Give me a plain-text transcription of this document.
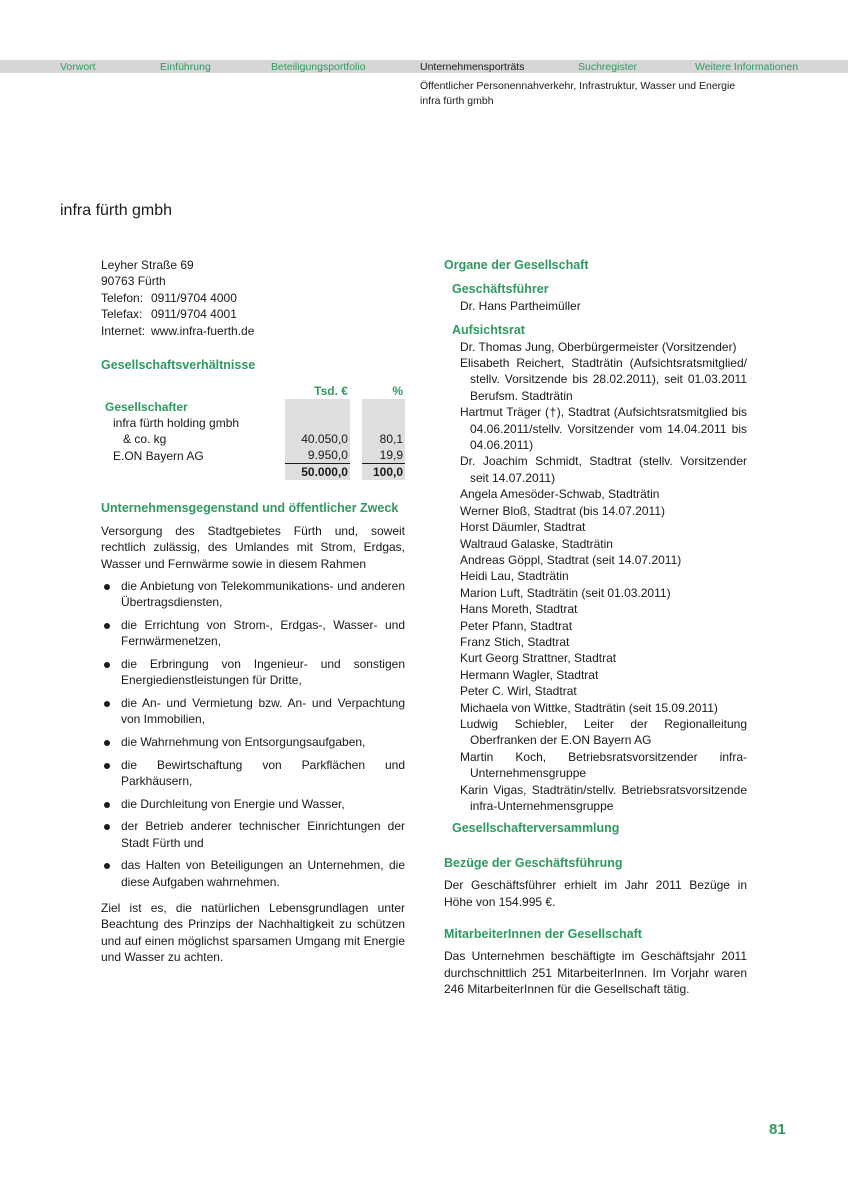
Vorwort	Einführung	Beteiligungsportfolio	Unternehmensporträts	Suchregister	Weitere Informationen
Öffentlicher Personennahverkehr, Infrastruktur, Wasser und Energie
infra fürth gmbh
infra fürth gmbh
Leyher Straße 69
90763 Fürth
Telefon: 0911/9704 4000
Telefax: 0911/9704 4001
Internet: www.infra-fuerth.de
Gesellschaftsverhältnisse
	Tsd. €		%
Gesellschafter			
infra fürth holding gmbh			
& co. kg	40.050,0		80,1
E.ON Bayern AG	9.950,0		19,9
	50.000,0		100,0
Unternehmensgegenstand und öffentlicher Zweck

Versorgung des Stadtgebietes Fürth und, soweit rechtlich zulässig, des Umlandes mit Strom, Erdgas, Wasser und Fernwärme sowie in diesem Rahmen

die Anbietung von Telekommunikations- und anderen Übertragsdiensten,
die Errichtung von Strom-, Erdgas-, Wasser- und Fernwärmenetzen,
die Erbringung von Ingenieur- und sonstigen Energiedienstleistungen für Dritte,
die An- und Vermietung bzw. An- und Verpachtung von Immobilien,
die Wahrnehmung von Entsorgungsaufgaben,
die Bewirtschaftung von Parkflächen und Parkhäusern,
die Durchleitung von Energie und Wasser,
der Betrieb anderer technischer Einrichtungen der Stadt Fürth und
das Halten von Beteiligungen an Unternehmen, die diese Aufgaben wahrnehmen.

Ziel ist es, die natürlichen Lebensgrundlagen unter Beachtung des Prinzips der Nachhaltigkeit zu schützen und auf einen möglichst sparsamen Umgang mit Energie und Wasser zu achten.

Organe der Gesellschaft
Geschäftsführer
Dr. Hans Partheimüller
Aufsichtsrat
Dr. Thomas Jung, Oberbürgermeister (Vorsitzender)
Elisabeth Reichert, Stadträtin (Aufsichtsratsmitglied/ stellv. Vorsitzende bis 28.02.2011), seit 01.03.2011 Berufsm. Stadträtin
Hartmut Träger (†), Stadtrat (Aufsichtsratsmitglied bis 04.06.2011/stellv. Vorsitzender vom 14.04.2011 bis 04.06.2011)
Dr. Joachim Schmidt, Stadtrat (stellv. Vorsitzender seit 14.07.2011)
Angela Amesöder-Schwab, Stadträtin
Werner Bloß, Stadtrat (bis 14.07.2011)
Horst Däumler, Stadtrat
Waltraud Galaske, Stadträtin
Andreas Göppl, Stadtrat (seit 14.07.2011)
Heidi Lau, Stadträtin
Marion Luft, Stadträtin (seit 01.03.2011)
Hans Moreth, Stadtrat
Peter Pfann, Stadtrat
Franz Stich, Stadtrat
Kurt Georg Strattner, Stadtrat
Hermann Wagler, Stadtrat
Peter C. Wirl, Stadtrat
Michaela von Wittke, Stadträtin (seit 15.09.2011)
Ludwig Schiebler, Leiter der Regionalleitung Oberfranken der E.ON Bayern AG
Martin Koch, Betriebsratsvorsitzender infra-Unternehmensgruppe
Karin Vigas, Stadträtin/stellv. Betriebsratsvorsitzende infra-Unternehmensgruppe
Gesellschafterversammlung
Bezüge der Geschäftsführung

Der Geschäftsführer erhielt im Jahr 2011 Bezüge in Höhe von 154.995 €.

MitarbeiterInnen der Gesellschaft

Das Unternehmen beschäftigte im Geschäftsjahr 2011 durchschnittlich 251 MitarbeiterInnen. Im Vorjahr waren 246 MitarbeiterInnen für die Gesellschaft tätig.

81
